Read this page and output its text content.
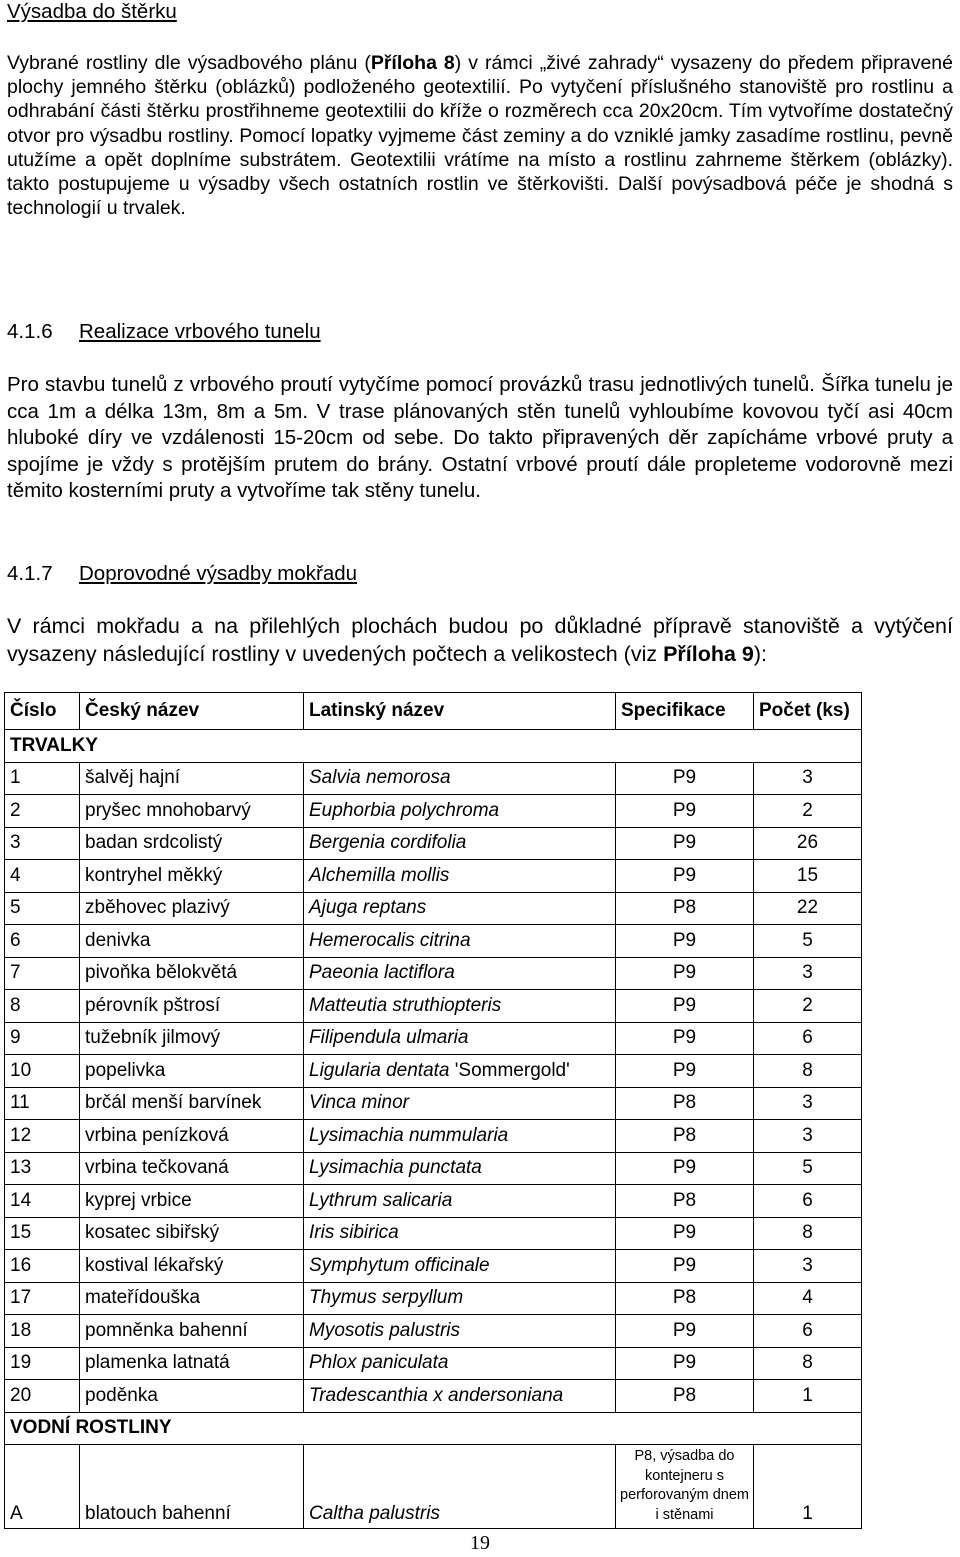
Výsadba do štěrku
Vybrané rostliny dle výsadbového plánu (Příloha 8) v rámci „živé zahrady“ vysazeny do předem připravené plochy jemného štěrku (oblázků) podloženého geotextilií. Po vytyčení příslušného stanoviště pro rostlinu a odhrabání části štěrku prostřihneme geotextilii do kříže o rozměrech cca 20x20cm. Tím vytvoříme dostatečný otvor pro výsadbu rostliny. Pomocí lopatky vyjmeme část zeminy a do vzniklé jamky zasadíme rostlinu, pevně utužíme a opět doplníme substrátem. Geotextilii vrátíme na místo a rostlinu zahrneme štěrkem (oblázky). takto postupujeme u výsadby všech ostatních rostlin ve štěrkovišti. Další povýsadbová péče je shodná s technologií u trvalek.
4.1.6 Realizace vrbového tunelu
Pro stavbu tunelů z vrbového proutí vytyčíme pomocí provázků trasu jednotlivých tunelů. Šířka tunelu je cca 1m a délka 13m, 8m a 5m. V trase plánovaných stěn tunelů vyhloubíme kovovou tyčí asi 40cm hluboké díry ve vzdálenosti 15-20cm od sebe. Do takto připravených děr zapícháme vrbové pruty a spojíme je vždy s protějším prutem do brány. Ostatní vrbové proutí dále propleteme vodorovně mezi těmito kosterními pruty a vytvoříme tak stěny tunelu.
4.1.7 Doprovodné výsadby mokřadu
V rámci mokřadu a na přilehlých plochách budou po důkladné přípravě stanoviště a vytýčení vysazeny následující rostliny v uvedených počtech a velikostech (viz Příloha 9):
Číslo	Český název	Latinský název	Specifikace	Počet (ks)
TRVALKY				
1	šalvěj hajní	Salvia nemorosa	P9	3
2	pryšec mnohobarvý	Euphorbia polychroma	P9	2
3	badan srdcolistý	Bergenia cordifolia	P9	26
4	kontryhel měkký	Alchemilla mollis	P9	15
5	zběhovec plazivý	Ajuga reptans	P8	22
6	denivka	Hemerocalis citrina	P9	5
7	pivoňka bělokvětá	Paeonia lactiflora	P9	3
8	pérovník pštrosí	Matteutia struthiopteris	P9	2
9	tužebník jilmový	Filipendula ulmaria	P9	6
10	popelivka	Ligularia dentata 'Sommergold'	P9	8
11	brčál menší barvínek	Vinca minor	P8	3
12	vrbina penízková	Lysimachia nummularia	P8	3
13	vrbina tečkovaná	Lysimachia punctata	P9	5
14	kyprej vrbice	Lythrum salicaria	P8	6
15	kosatec sibiřský	Iris sibirica	P9	8
16	kostival lékařský	Symphytum officinale	P9	3
17	mateřídouška	Thymus serpyllum	P8	4
18	pomněnka bahenní	Myosotis palustris	P9	6
19	plamenka latnatá	Phlox paniculata	P9	8
20	poděnka	Tradescanthia x andersoniana	P8	1
VODNÍ ROSTLINY				
A	blatouch bahenní	Caltha palustris	P8, výsadba do kontejneru s perforovaným dnem i stěnami	1
19
